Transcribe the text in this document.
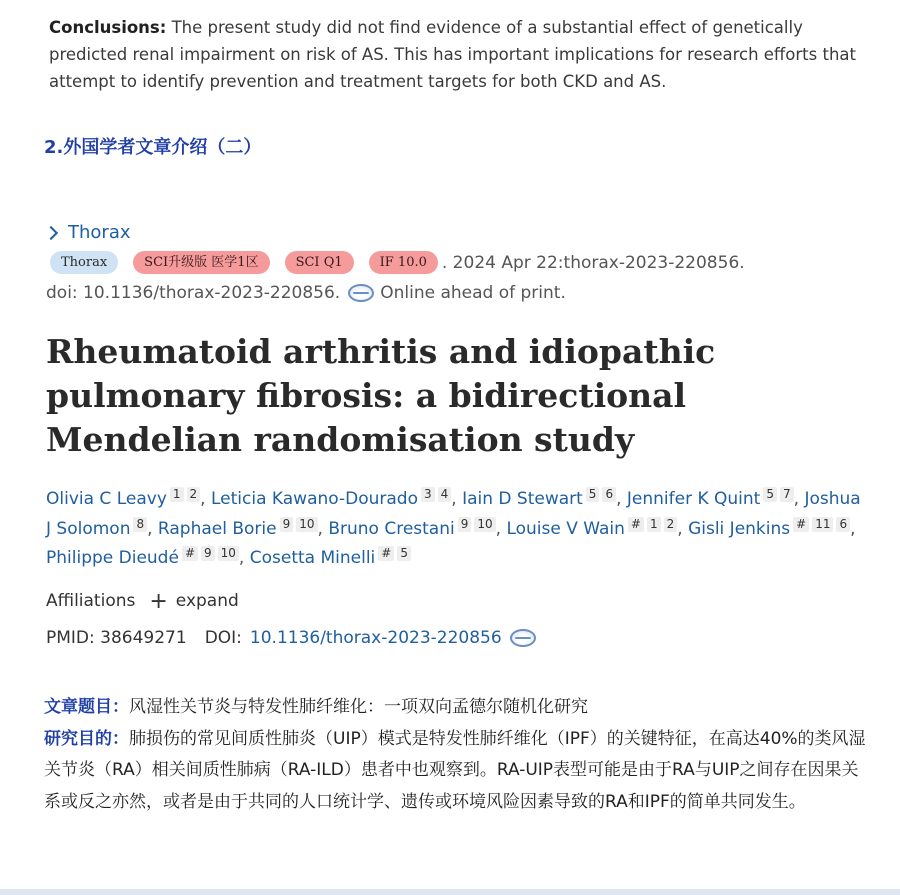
Conclusions: The present study did not find evidence of a substantial effect of genetically predicted renal impairment on risk of AS. This has important implications for research efforts that attempt to identify prevention and treatment targets for both CKD and AS.
2.外国学者文章介绍（二）
Thorax
Thorax	SCI升级版 医学1区	SCI Q1	IF 10.0 . 2024 Apr 22:thorax-2023-220856.
doi: 10.1136/thorax-2023-220856. Online ahead of print.
Rheumatoid arthritis and idiopathic pulmonary fibrosis: a bidirectional Mendelian randomisation study
Olivia C Leavy 1 2 , Leticia Kawano-Dourado 3 4 , Iain D Stewart 5 6 , Jennifer K Quint 5 7 , Joshua J Solomon 8 , Raphael Borie 9 10 , Bruno Crestani 9 10 , Louise V Wain # 1 2 , Gisli Jenkins # 11 6 , Philippe Dieudé # 9 10 , Cosetta Minelli # 5
Affiliations + expand
PMID: 38649271 DOI: 10.1136/thorax-2023-220856
文章题目：风湿性关节炎与特发性肺纤维化：一项双向孟德尔随机化研究
研究目的：肺损伤的常见间质性肺炎（UIP）模式是特发性肺纤维化（IPF）的关键特征，在高达40%的类风湿关节炎（RA）相关间质性肺病（RA-ILD）患者中也观察到。RA-UIP表型可能是由于RA与UIP之间存在因果关系或反之亦然，或者是由于共同的人口统计学、遗传或环境风险因素导致的RA和IPF的简单共同发生。
